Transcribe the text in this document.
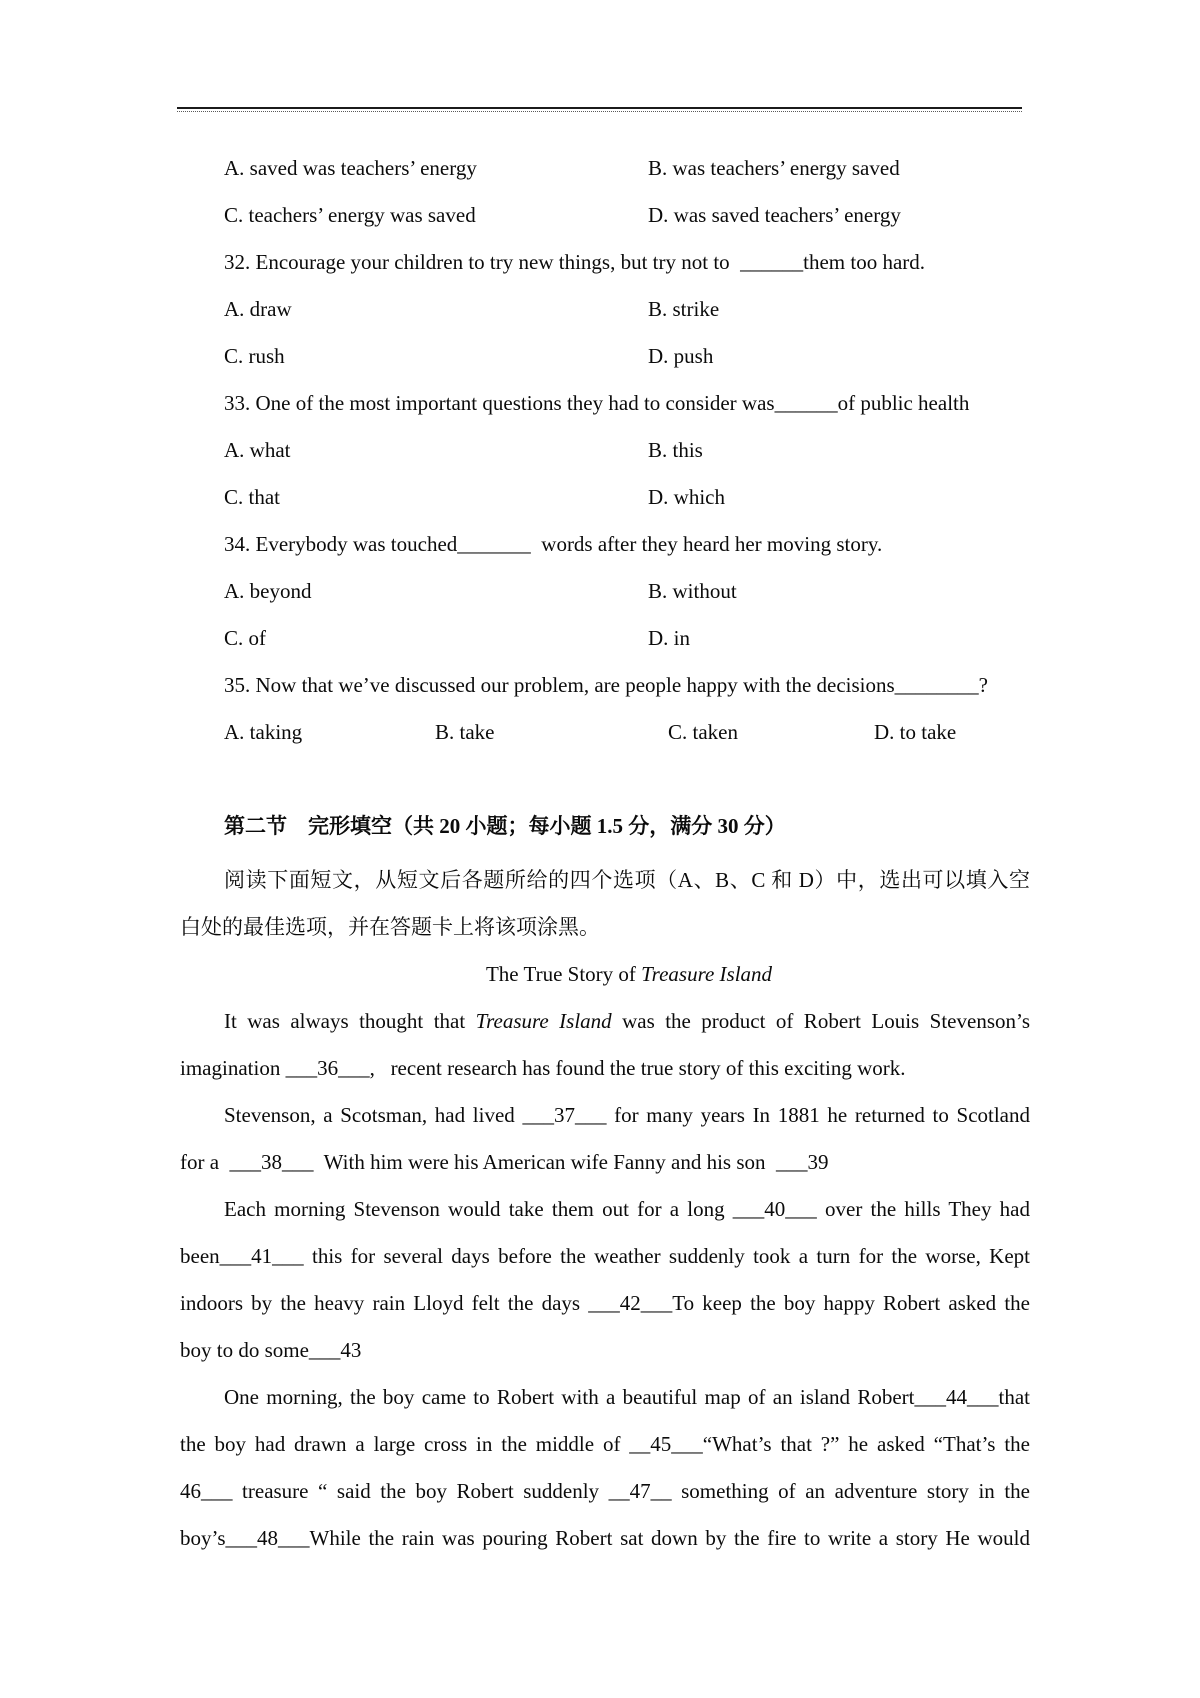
A. saved was teachers’ energy	B. was teachers’ energy saved
C. teachers’ energy was saved	D. was saved teachers’ energy
32. Encourage your children to try new things, but try not to  ______them too hard.
A. draw	B. strike
C. rush	D. push
33. One of the most important questions they had to consider was______of public health
A. what	B. this
C. that	D. which
34. Everybody was touched_______  words after they heard her moving story.
A. beyond	B. without
C. of	D. in
35. Now that we’ve discussed our problem, are people happy with the decisions________?
A. taking	B. take	C. taken	D. to take
第二节　完形填空（共 20 小题；每小题 1.5 分，满分 30 分）
阅读下面短文，从短文后各题所给的四个选项（A、B、C 和 D）中，选出可以填入空
白处的最佳选项，并在答题卡上将该项涂黑。
The True Story of Treasure Island
It was always thought that Treasure Island was the product of Robert Louis Stevenson’s
imagination ___36___,   recent research has found the true story of this exciting work.
Stevenson, a Scotsman, had lived ___37___ for many years In 1881 he returned to Scotland
for a  ___38___  With him were his American wife Fanny and his son  ___39
Each morning Stevenson would take them out for a long ___40___ over the hills They had
been___41___ this for several days before the weather suddenly took a turn for the worse, Kept
indoors by the heavy rain Lloyd felt the days ___42___To keep the boy happy Robert asked the
boy to do some___43
One morning, the boy came to Robert with a beautiful map of an island Robert___44___that
the boy had drawn a large cross in the middle of __45___“What’s that ?” he asked “That’s the
46___ treasure “ said the boy Robert suddenly __47__ something of an adventure story in the
boy’s___48___While the rain was pouring Robert sat down by the fire to write a story He would
